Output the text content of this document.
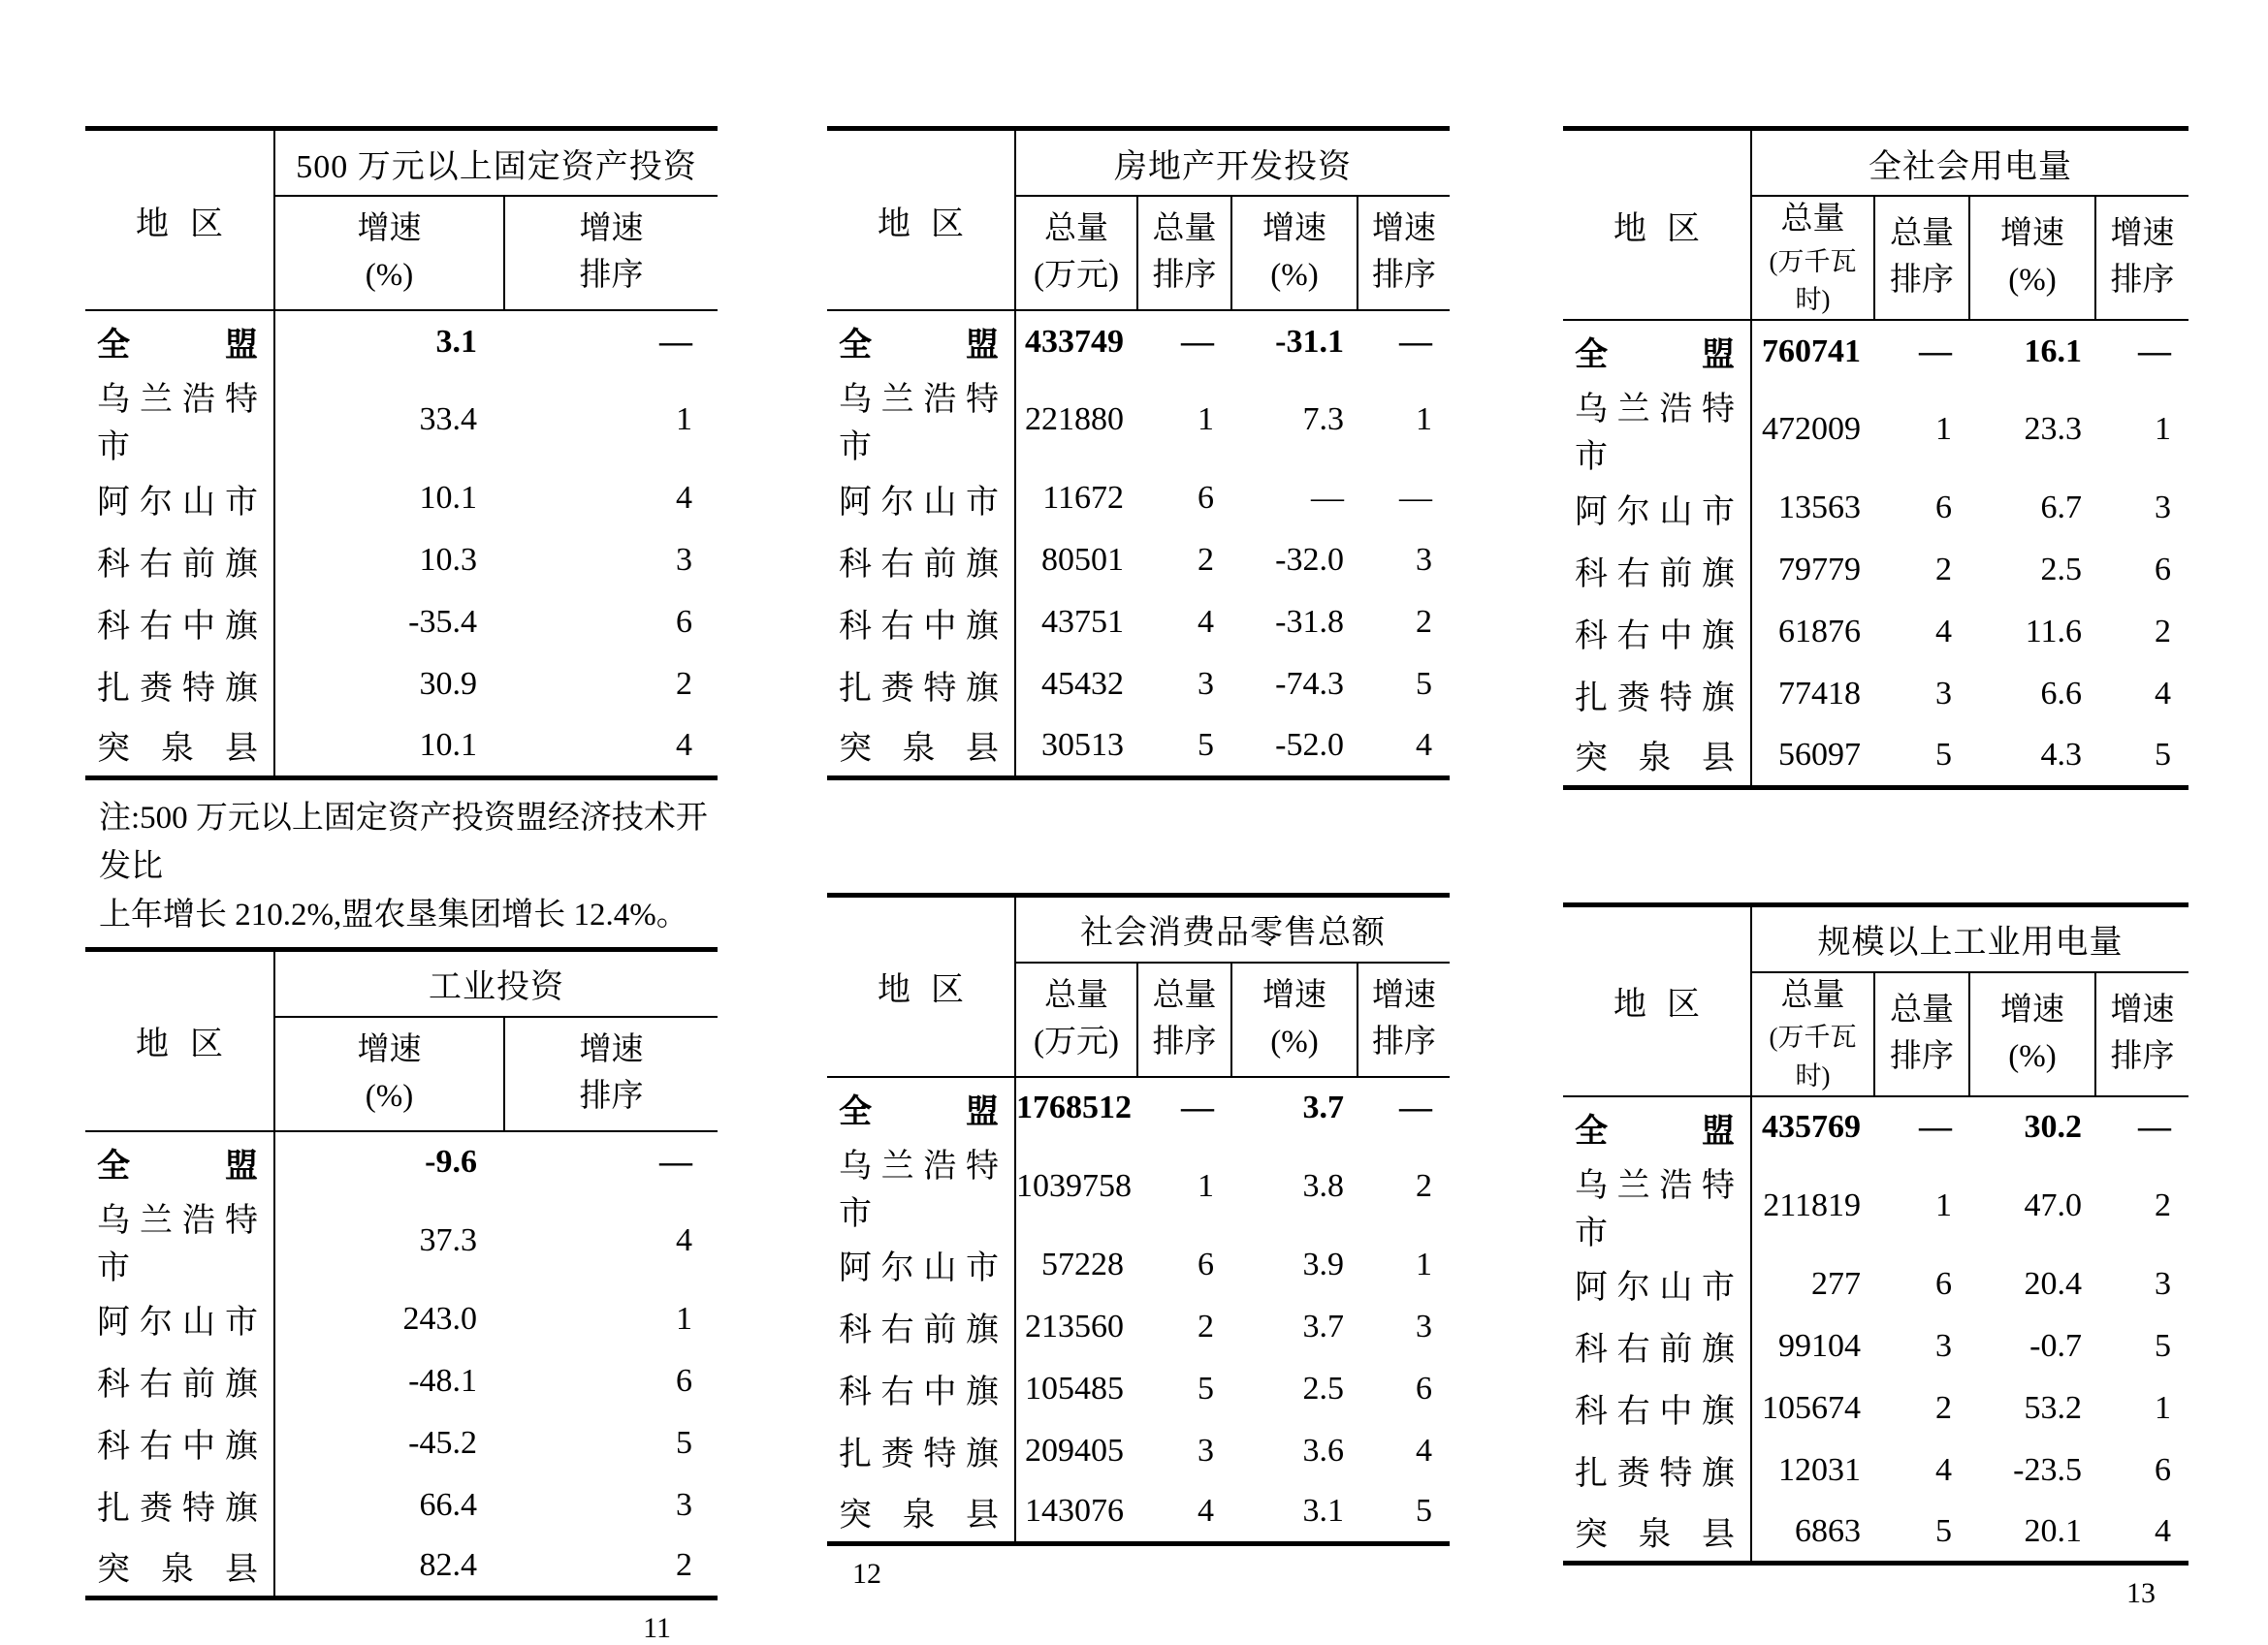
地 区	500 万元以上固定资产投资	

增速
(%)

增速
排序

全 盟	3.1	—
乌 兰 浩 特 市	33.4	1
阿 尔 山 市	10.1	4
科 右 前 旗	10.3	3
科 右 中 旗	-35.4	6
扎 赉 特 旗	30.9	2
突 泉 县	10.1	4
注:500 万元以上固定资产投资盟经济技术开发比
上年增长 210.2%,盟农垦集团增长 12.4%。
地 区	工业投资	

增速
(%)

增速
排序

全 盟	-9.6	—
乌 兰 浩 特 市	37.3	4
阿 尔 山 市	243.0	1
科 右 前 旗	-48.1	6
科 右 中 旗	-45.2	5
扎 赉 特 旗	66.4	3
突 泉 县	82.4	2
11
地 区	房地产开发投资			

总量
(万元)

总量
排序

增速
(%)

增速
排序

全 盟	433749	—	-31.1	—
乌 兰 浩 特 市	221880	1	7.3	1
阿 尔 山 市	11672	6	—	—
科 右 前 旗	80501	2	-32.0	3
科 右 中 旗	43751	4	-31.8	2
扎 赉 特 旗	45432	3	-74.3	5
突 泉 县	30513	5	-52.0	4
地 区	社会消费品零售总额			

总量
(万元)

总量
排序

增速
(%)

增速
排序

全 盟	1768512	—	3.7	—
乌 兰 浩 特 市	1039758	1	3.8	2
阿 尔 山 市	57228	6	3.9	1
科 右 前 旗	213560	2	3.7	3
科 右 中 旗	105485	5	2.5	6
扎 赉 特 旗	209405	3	3.6	4
突 泉 县	143076	4	3.1	5
12
地 区	全社会用电量			

总量
(万千瓦时)

总量
排序

增速
(%)

增速
排序

全 盟	760741	—	16.1	—
乌 兰 浩 特 市	472009	1	23.3	1
阿 尔 山 市	13563	6	6.7	3
科 右 前 旗	79779	2	2.5	6
科 右 中 旗	61876	4	11.6	2
扎 赉 特 旗	77418	3	6.6	4
突 泉 县	56097	5	4.3	5
地 区	规模以上工业用电量			

总量
(万千瓦时)

总量
排序

增速
(%)

增速
排序

全 盟	435769	—	30.2	—
乌 兰 浩 特 市	211819	1	47.0	2
阿 尔 山 市	277	6	20.4	3
科 右 前 旗	99104	3	-0.7	5
科 右 中 旗	105674	2	53.2	1
扎 赉 特 旗	12031	4	-23.5	6
突 泉 县	6863	5	20.1	4
13
